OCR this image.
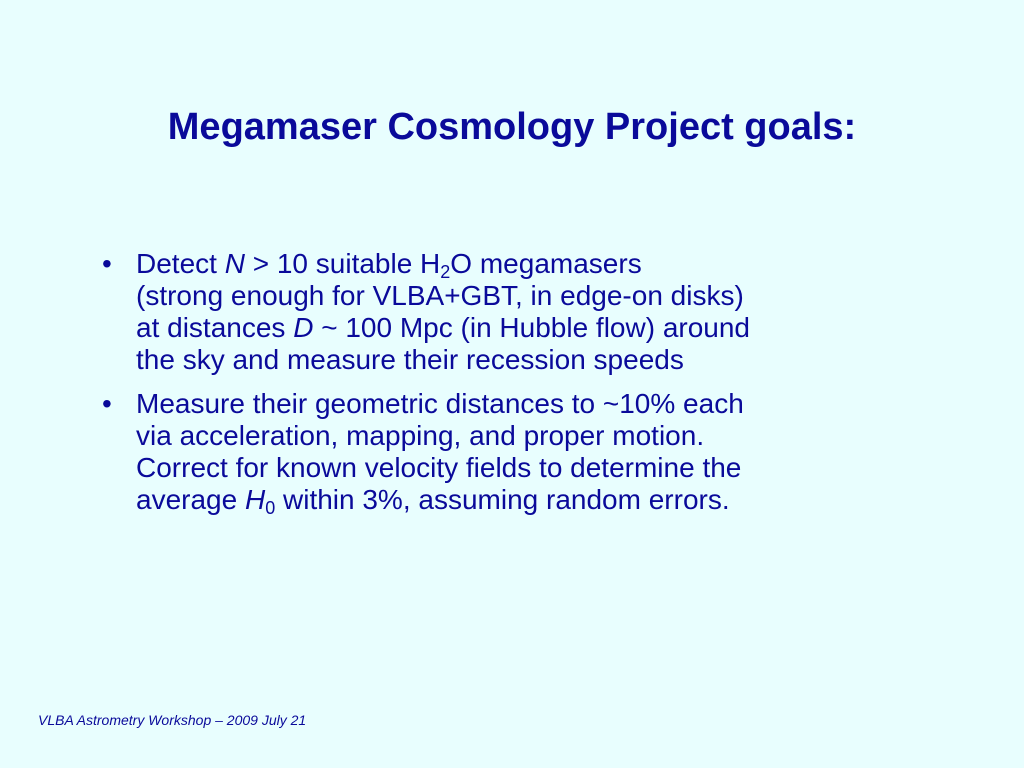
Megamaser Cosmology Project goals:
• Detect N > 10 suitable $H_2O$ megamasers
(strong enough for VLBA+GBT, in edge-on disks)
at distances D ~ 100 Mpc (in Hubble flow) around
the sky and measure their recession speeds
• Measure their geometric distances to ~10% each
via acceleration, mapping, and proper motion.
Correct for known velocity fields to determine the
average $H_0$ within 3%, assuming random errors.
VLBA Astrometry Workshop – 2009 July 21
